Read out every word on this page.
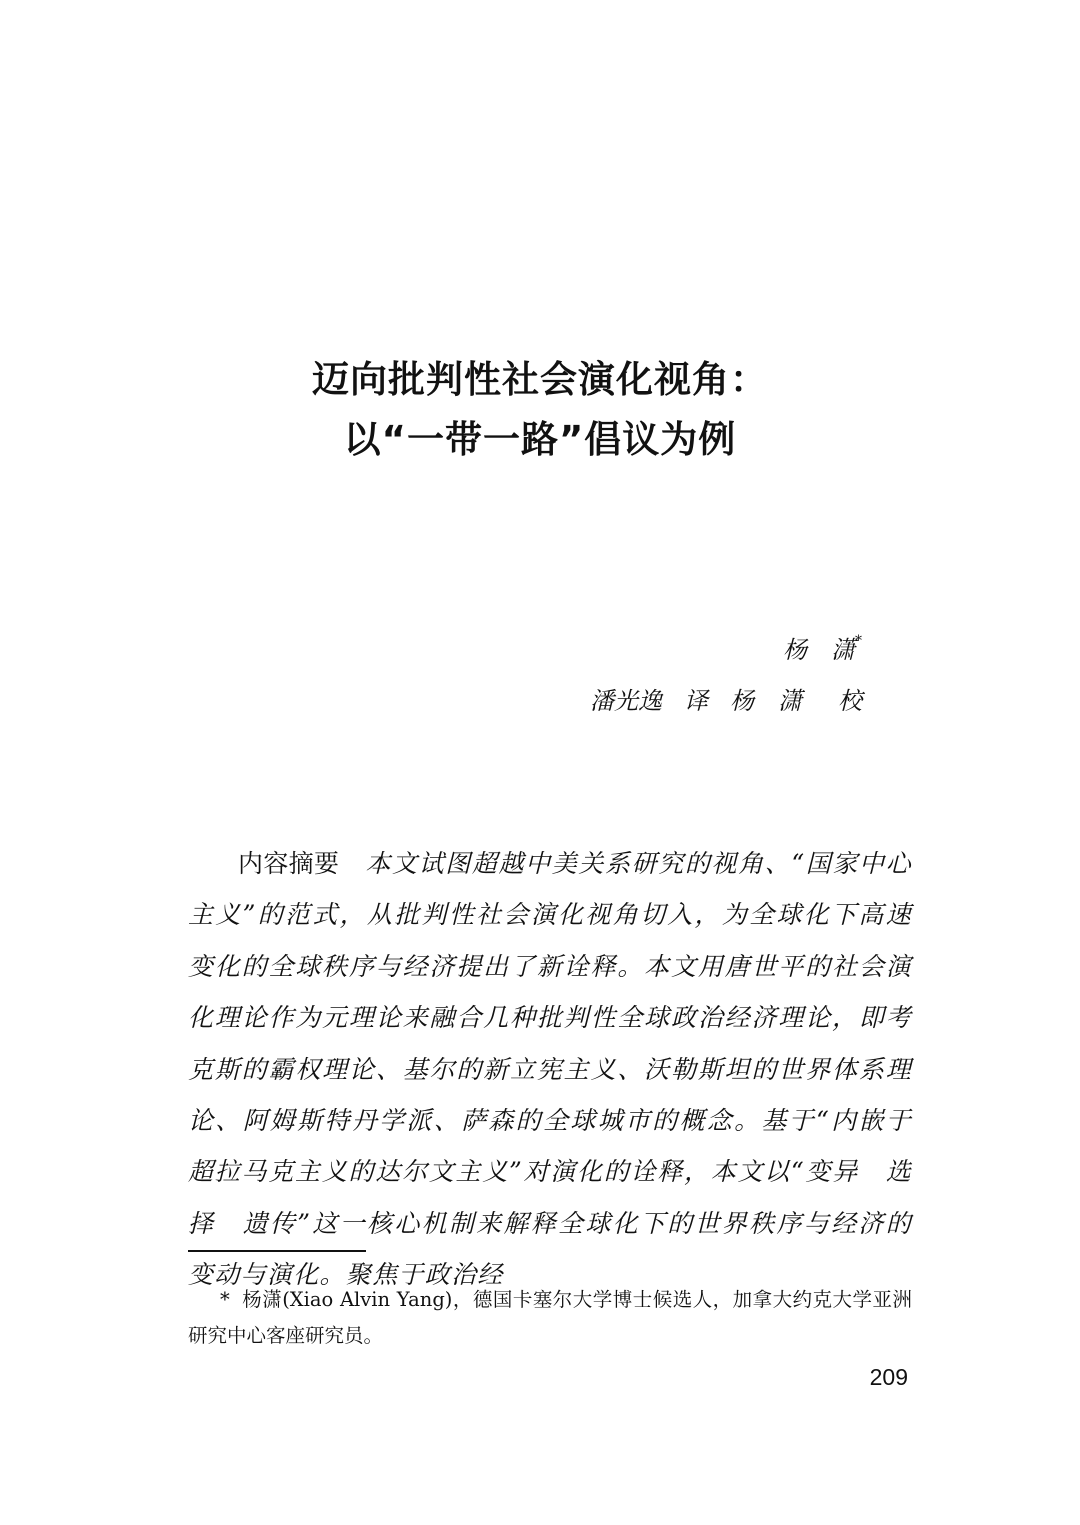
迈向批判性社会演化视角：
以“一带一路”倡议为例
杨　潇*
潘光逸 译 杨　潇 校
内容摘要 本文试图超越中美关系研究的视角、“国家中心主义”的范式，从批判性社会演化视角切入，为全球化下高速变化的全球秩序与经济提出了新诠释。本文用唐世平的社会演化理论作为元理论来融合几种批判性全球政治经济理论，即考克斯的霸权理论、基尔的新立宪主义、沃勒斯坦的世界体系理论、阿姆斯特丹学派、萨森的全球城市的概念。基于“内嵌于超拉马克主义的达尔文主义”对演化的诠释，本文以“变异　选择　遗传”这一核心机制来解释全球化下的世界秩序与经济的变动与演化。聚焦于政治经
* 杨潇(Xiao Alvin Yang)，德国卡塞尔大学博士候选人，加拿大约克大学亚洲研究中心客座研究员。
209
